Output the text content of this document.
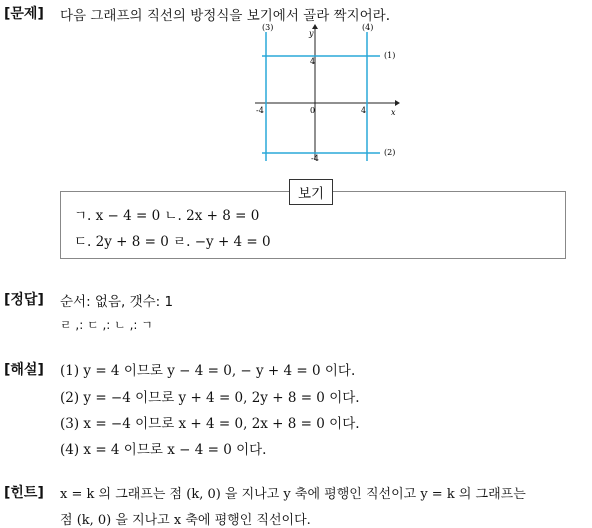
[문제] 다음 그래프의 직선의 방정식을 보기에서 골라 짝지어라.
(3)	(4)
(1)
(2)
y
x
4
0
-4	4
-4
보기
ㄱ. x − 4 = 0 ㄴ. 2x + 8 = 0
ㄷ. 2y + 8 = 0 ㄹ. −y + 4 = 0
[정답] 순서: 없음, 갯수: 1
ㄹ ,: ㄷ ,: ㄴ ,: ㄱ
[해설] (1) y = 4 이므로 y − 4 = 0, − y + 4 = 0 이다.
(2) y = −4 이므로 y + 4 = 0, 2y + 8 = 0 이다.
(3) x = −4 이므로 x + 4 = 0, 2x + 8 = 0 이다.
(4) x = 4 이므로 x − 4 = 0 이다.
[힌트] x = k 의 그래프는 점 (k, 0) 을 지나고 y 축에 평행인 직선이고 y = k 의 그래프는
점 (k, 0) 을 지나고 x 축에 평행인 직선이다.
